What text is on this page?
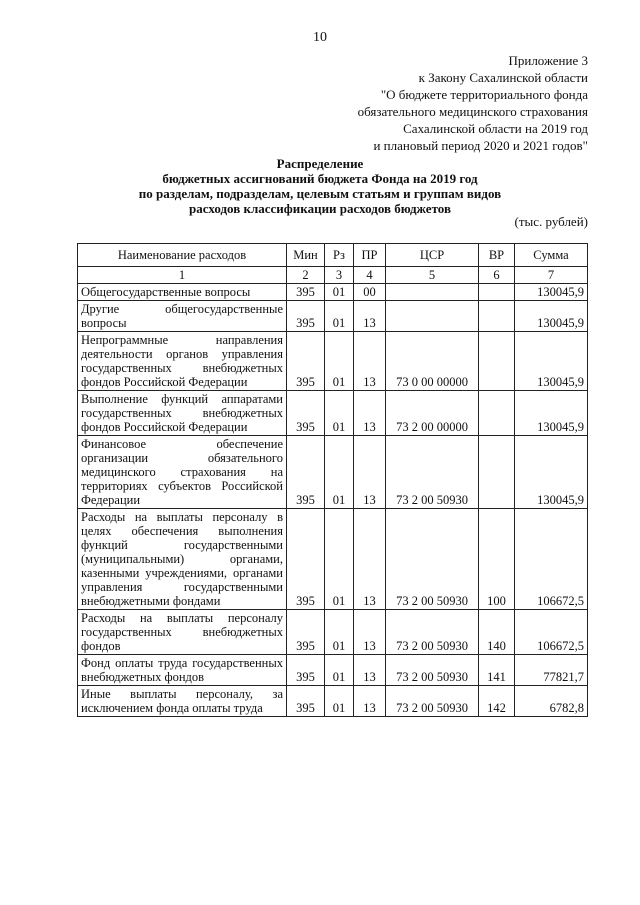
10
Приложение 3
к Закону Сахалинской области
"О бюджете территориального фонда
обязательного медицинского страхования
Сахалинской области на 2019 год
и плановый период 2020 и 2021 годов"
Распределение
бюджетных ассигнований бюджета Фонда на 2019 год
по разделам, подразделам, целевым статьям и группам видов
расходов классификации расходов бюджетов
(тыс. рублей)
Наименование расходов	Мин	Рз	ПР	ЦСР	ВР	Сумма
1	2	3	4	5	6	7
Общегосударственные вопросы	395	01	00			130045,9
Другие общегосударственные вопросы	395	01	13			130045,9
Непрограммные направления деятельности органов управления государственных внебюджетных фондов Российской Федерации	395	01	13	73 0 00 00000		130045,9
Выполнение функций аппаратами государственных внебюджетных фондов Российской Федерации	395	01	13	73 2 00 00000		130045,9
Финансовое обеспечение организации обязательного медицинского страхования на территориях субъектов Российской Федерации	395	01	13	73 2 00 50930		130045,9
Расходы на выплаты персоналу в целях обеспечения выполнения функций государственными (муниципальными) органами, казенными учреждениями, органами управления государственными внебюджетными фондами	395	01	13	73 2 00 50930	100	106672,5
Расходы на выплаты персоналу государственных внебюджетных фондов	395	01	13	73 2 00 50930	140	106672,5
Фонд оплаты труда государственных внебюджетных фондов	395	01	13	73 2 00 50930	141	77821,7
Иные выплаты персоналу, за исключением фонда оплаты труда	395	01	13	73 2 00 50930	142	6782,8
